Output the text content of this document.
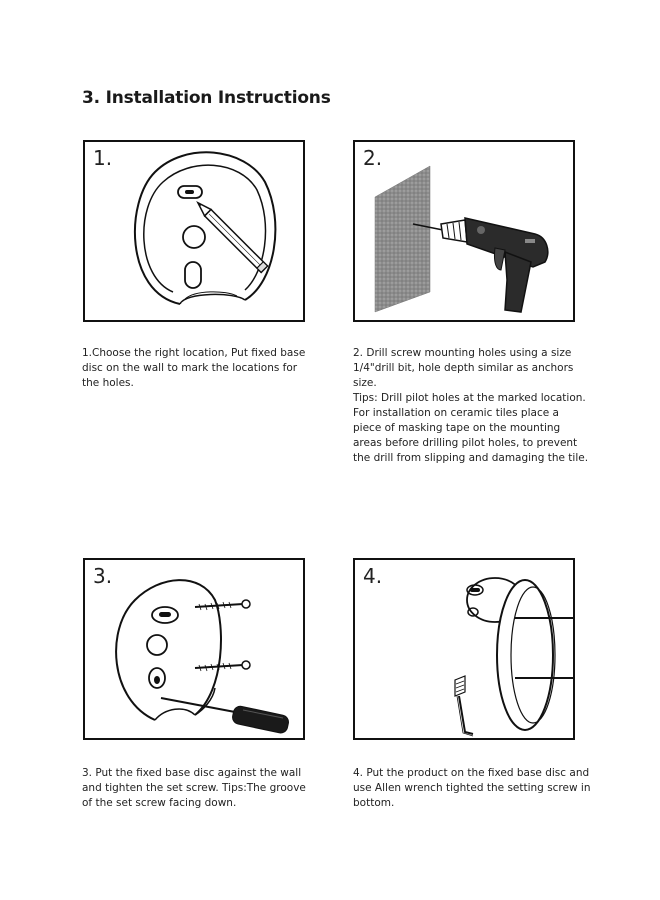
3. Installation Instructions
1.

1.Choose the right location, Put fixed base
disc on the wall to mark the locations for
the holes.

2.

2. Drill screw mounting holes using a size
1/4"drill bit, hole depth similar as anchors
size.

Tips: Drill pilot holes at the marked location.
For installation on ceramic tiles place a
piece of masking tape on the mounting
areas before drilling pilot holes, to prevent
the drill from slipping and damaging the tile.

3.

3. Put the fixed base disc against the wall
and tighten the set screw. Tips:The groove
of the set screw facing down.

4.

4. Put the product on the fixed base disc and
use Allen wrench tighted the setting screw in
bottom.
